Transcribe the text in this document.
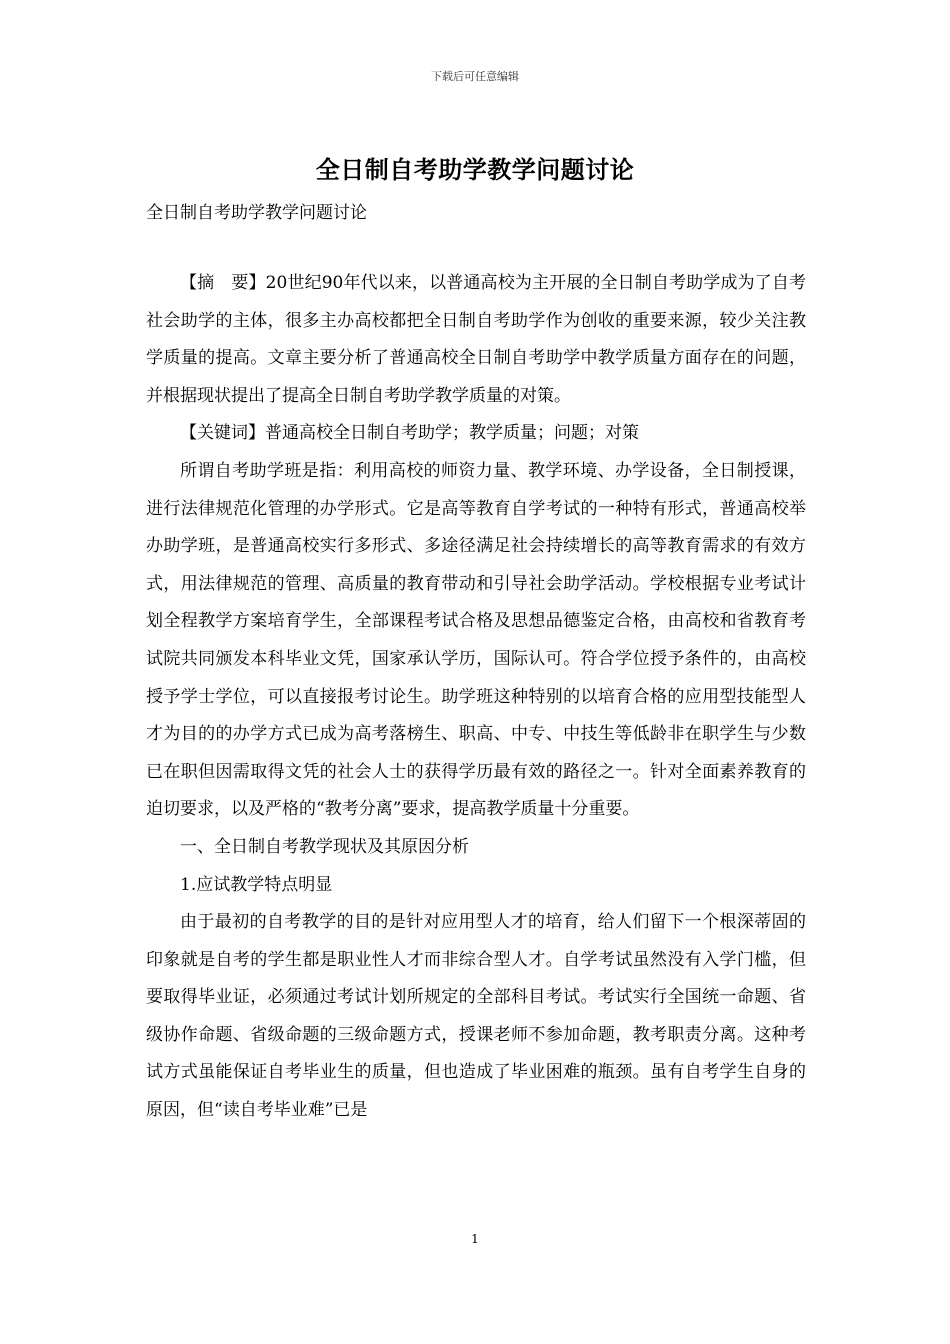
下载后可任意编辑
全日制自考助学教学问题讨论
全日制自考助学教学问题讨论

【摘　要】20世纪90年代以来，以普通高校为主开展的全日制自考助学成为了自考社会助学的主体，很多主办高校都把全日制自考助学作为创收的重要来源，较少关注教学质量的提高。文章主要分析了普通高校全日制自考助学中教学质量方面存在的问题，并根据现状提出了提高全日制自考助学教学质量的对策。

【关键词】普通高校全日制自考助学；教学质量；问题；对策

所谓自考助学班是指：利用高校的师资力量、教学环境、办学设备，全日制授课，进行法律规范化管理的办学形式。它是高等教育自学考试的一种特有形式，普通高校举办助学班，是普通高校实行多形式、多途径满足社会持续增长的高等教育需求的有效方式，用法律规范的管理、高质量的教育带动和引导社会助学活动。学校根据专业考试计划全程教学方案培育学生，全部课程考试合格及思想品德鉴定合格，由高校和省教育考试院共同颁发本科毕业文凭，国家承认学历，国际认可。符合学位授予条件的，由高校授予学士学位，可以直接报考讨论生。助学班这种特别的以培育合格的应用型技能型人才为目的的办学方式已成为高考落榜生、职高、中专、中技生等低龄非在职学生与少数已在职但因需取得文凭的社会人士的获得学历最有效的路径之一。针对全面素养教育的迫切要求，以及严格的“教考分离”要求，提高教学质量十分重要。

一、全日制自考教学现状及其原因分析

1.应试教学特点明显

由于最初的自考教学的目的是针对应用型人才的培育，给人们留下一个根深蒂固的印象就是自考的学生都是职业性人才而非综合型人才。自学考试虽然没有入学门槛，但要取得毕业证，必须通过考试计划所规定的全部科目考试。考试实行全国统一命题、省级协作命题、省级命题的三级命题方式，授课老师不参加命题，教考职责分离。这种考试方式虽能保证自考毕业生的质量，但也造成了毕业困难的瓶颈。虽有自考学生自身的原因，但“读自考毕业难”已是

1
